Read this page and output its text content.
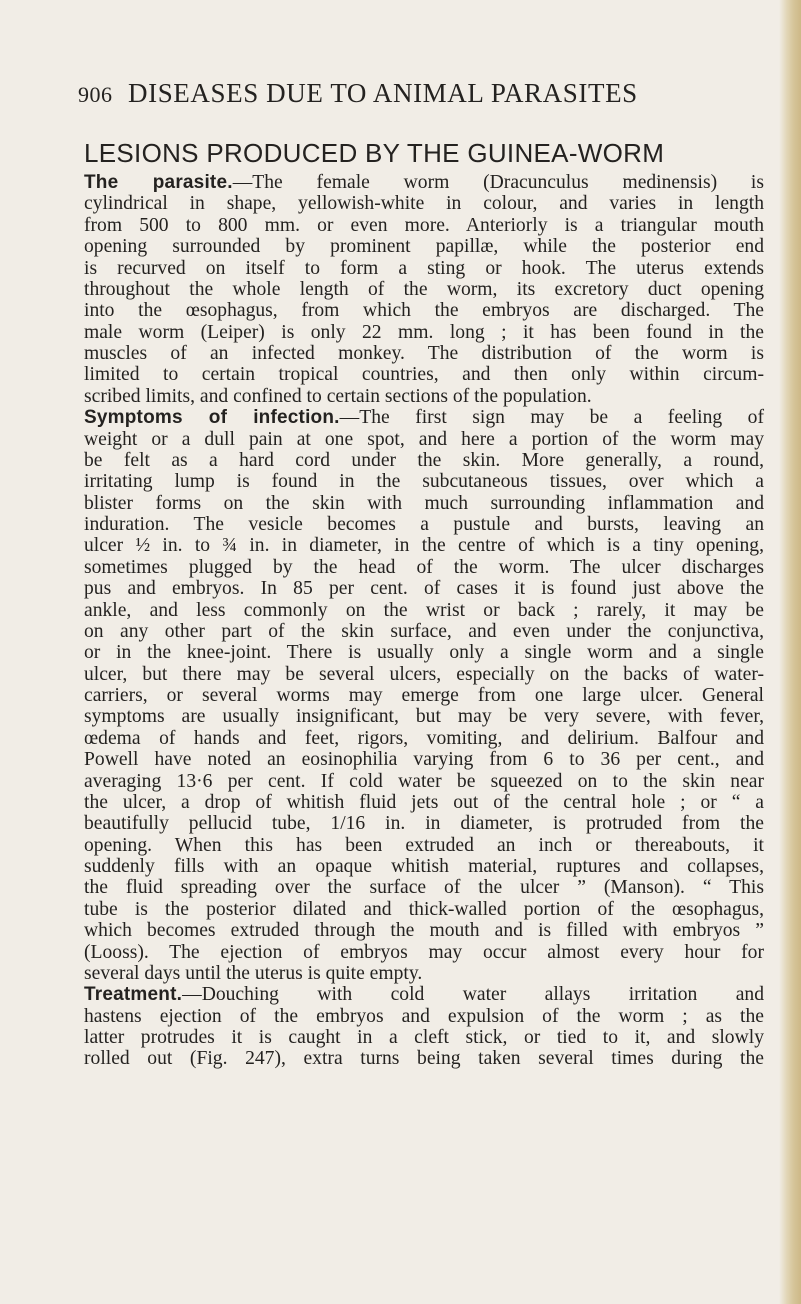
906 DISEASES DUE TO ANIMAL PARASITES
LESIONS PRODUCED BY THE GUINEA-WORM
The parasite.—The female worm (Dracunculus medinensis) is
cylindrical in shape, yellowish-white in colour, and varies in length
from 500 to 800 mm. or even more. Anteriorly is a triangular mouth
opening surrounded by prominent papillæ, while the posterior end
is recurved on itself to form a sting or hook. The uterus extends
throughout the whole length of the worm, its excretory duct opening
into the œsophagus, from which the embryos are discharged. The
male worm (Leiper) is only 22 mm. long ; it has been found in the
muscles of an infected monkey. The distribution of the worm is
limited to certain tropical countries, and then only within circum-
scribed limits, and confined to certain sections of the population.
Symptoms of infection.—The first sign may be a feeling of
weight or a dull pain at one spot, and here a portion of the worm may
be felt as a hard cord under the skin. More generally, a round,
irritating lump is found in the subcutaneous tissues, over which a
blister forms on the skin with much surrounding inflammation and
induration. The vesicle becomes a pustule and bursts, leaving an
ulcer ½ in. to ¾ in. in diameter, in the centre of which is a tiny opening,
sometimes plugged by the head of the worm. The ulcer discharges
pus and embryos. In 85 per cent. of cases it is found just above the
ankle, and less commonly on the wrist or back ; rarely, it may be
on any other part of the skin surface, and even under the conjunctiva,
or in the knee-joint. There is usually only a single worm and a single
ulcer, but there may be several ulcers, especially on the backs of water-
carriers, or several worms may emerge from one large ulcer. General
symptoms are usually insignificant, but may be very severe, with fever,
œdema of hands and feet, rigors, vomiting, and delirium. Balfour and
Powell have noted an eosinophilia varying from 6 to 36 per cent., and
averaging 13·6 per cent. If cold water be squeezed on to the skin near
the ulcer, a drop of whitish fluid jets out of the central hole ; or “ a
beautifully pellucid tube, 1/16 in. in diameter, is protruded from the
opening. When this has been extruded an inch or thereabouts, it
suddenly fills with an opaque whitish material, ruptures and collapses,
the fluid spreading over the surface of the ulcer ” (Manson). “ This
tube is the posterior dilated and thick-walled portion of the œsophagus,
which becomes extruded through the mouth and is filled with embryos ”
(Looss). The ejection of embryos may occur almost every hour for
several days until the uterus is quite empty.
Treatment.—Douching with cold water allays irritation and
hastens ejection of the embryos and expulsion of the worm ; as the
latter protrudes it is caught in a cleft stick, or tied to it, and slowly
rolled out (Fig. 247), extra turns being taken several times during the
